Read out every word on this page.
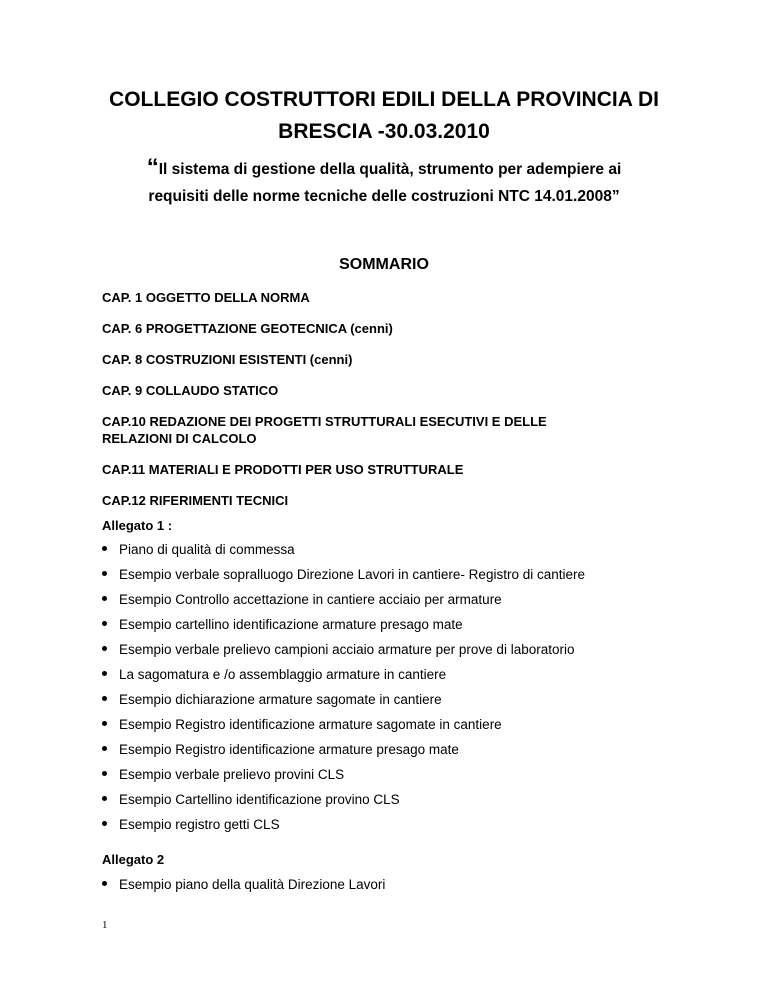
COLLEGIO COSTRUTTORI EDILI DELLA PROVINCIA DI
BRESCIA -30.03.2010
“Il sistema di gestione della qualità, strumento per adempiere ai
requisiti delle norme tecniche delle costruzioni NTC 14.01.2008”
SOMMARIO
CAP. 1 OGGETTO DELLA NORMA
CAP. 6 PROGETTAZIONE GEOTECNICA (cenni)
CAP. 8 COSTRUZIONI ESISTENTI (cenni)
CAP. 9 COLLAUDO STATICO
CAP.10 REDAZIONE DEI PROGETTI STRUTTURALI ESECUTIVI E DELLE
RELAZIONI DI CALCOLO
CAP.11 MATERIALI E PRODOTTI PER USO STRUTTURALE
CAP.12 RIFERIMENTI TECNICI
Allegato 1 :
Piano di qualità di commessa
Esempio verbale sopralluogo Direzione Lavori in cantiere- Registro di cantiere
Esempio Controllo accettazione in cantiere acciaio per armature
Esempio cartellino identificazione armature presago mate
Esempio verbale prelievo campioni acciaio armature per prove di laboratorio
La sagomatura e /o assemblaggio armature in cantiere
Esempio dichiarazione armature sagomate in cantiere
Esempio Registro identificazione armature sagomate in cantiere
Esempio Registro identificazione armature presago mate
Esempio verbale prelievo provini CLS
Esempio Cartellino identificazione provino CLS
Esempio registro getti CLS
Allegato 2
Esempio piano della qualità Direzione Lavori
1
